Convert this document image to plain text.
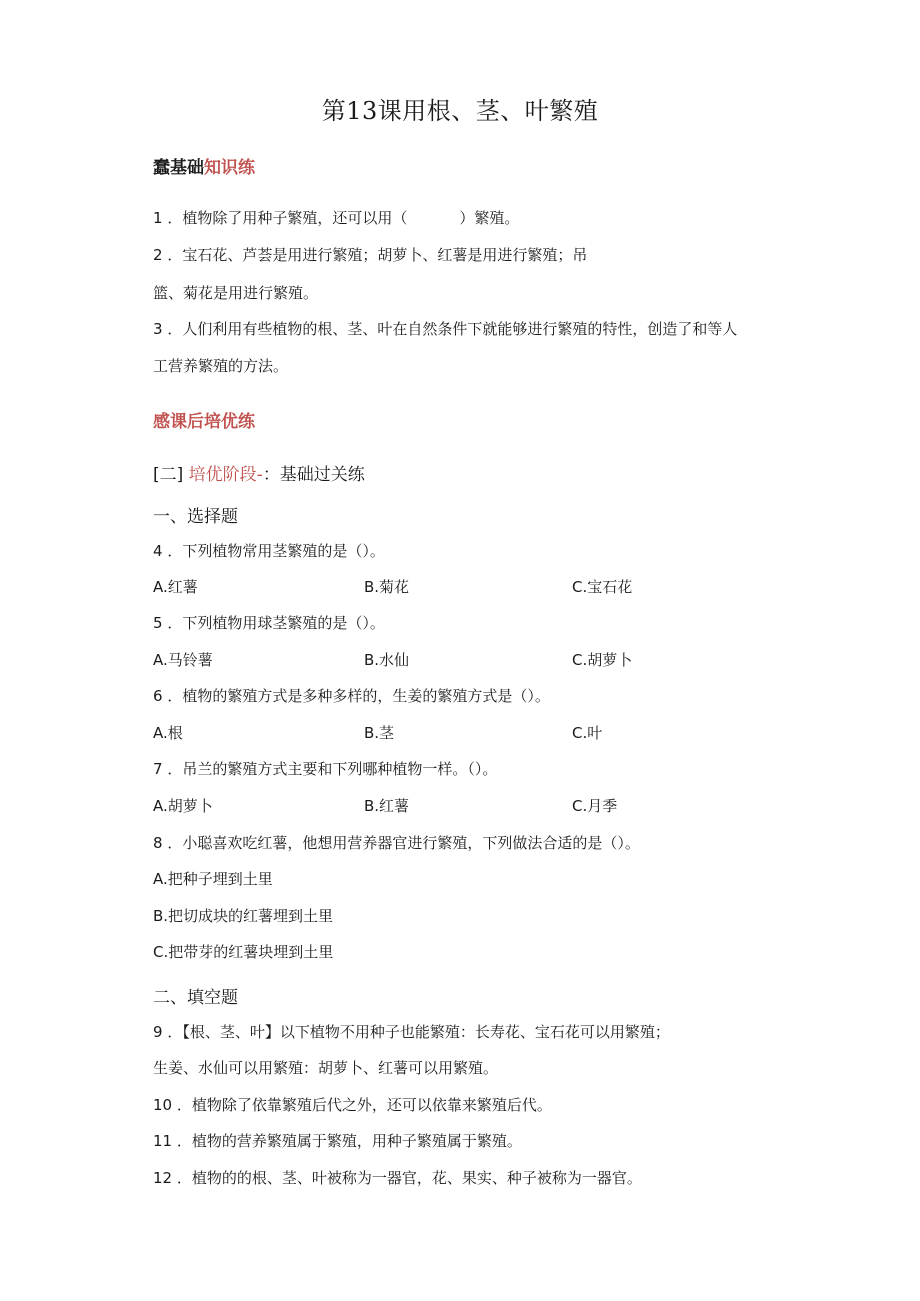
第13课用根、茎、叶繁殖
蠢基础知识练
1 ．植物除了用种子繁殖，还可以用（	）繁殖。
2 ．宝石花、芦荟是用进行繁殖；胡萝卜、红薯是用进行繁殖；吊
篮、菊花是用进行繁殖。
3 ．人们利用有些植物的根、茎、叶在自然条件下就能够进行繁殖的特性，创造了和等人
工营养繁殖的方法。
感课后培优练
[二] 培优阶段-：基础过关练
一、选择题
4 ．下列植物常用茎繁殖的是（）。
A.红薯	B.菊花	C.宝石花
5 ．下列植物用球茎繁殖的是（）。
A.马铃薯	B.水仙	C.胡萝卜
6 ．植物的繁殖方式是多种多样的，生姜的繁殖方式是（）。
A.根	B.茎	C.叶
7 ．吊兰的繁殖方式主要和下列哪种植物一样。（）。
A.胡萝卜	B.红薯	C.月季
8 ．小聪喜欢吃红薯，他想用营养器官进行繁殖，下列做法合适的是（）。
A.把种子埋到土里
B.把切成块的红薯埋到土里
C.把带芽的红薯块埋到土里
二、填空题
9 ．【根、茎、叶】以下植物不用种子也能繁殖：长寿花、宝石花可以用繁殖；
生姜、水仙可以用繁殖：胡萝卜、红薯可以用繁殖。
10 ．植物除了依靠繁殖后代之外，还可以依靠来繁殖后代。
11 ．植物的营养繁殖属于繁殖，用种子繁殖属于繁殖。
12 ．植物的的根、茎、叶被称为一器官，花、果实、种子被称为一器官。
